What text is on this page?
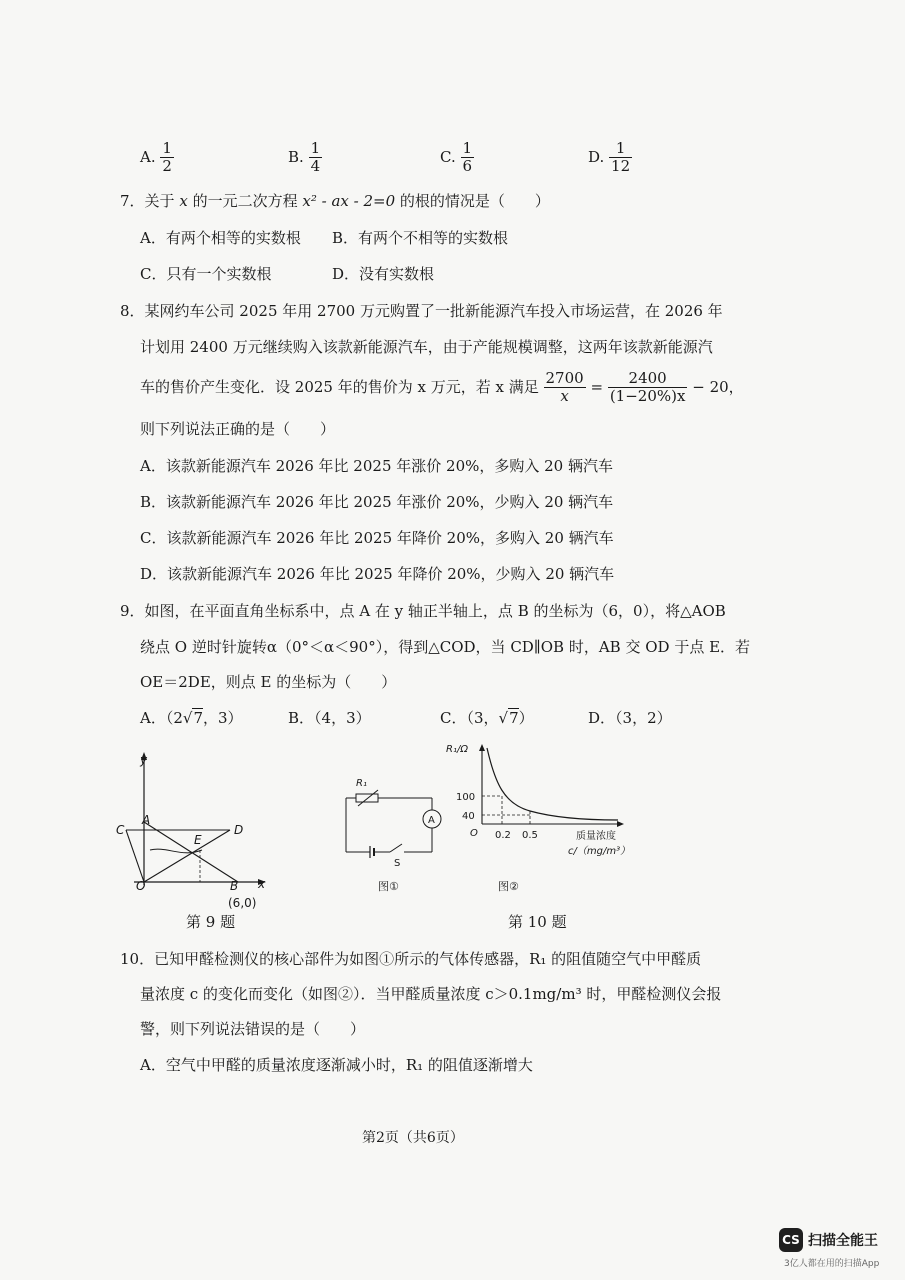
A. $\frac{1}{2}$	B. $\frac{1}{4}$	C. $\frac{1}{6}$	D. $\frac{1}{12}$
7．关于 x 的一元二次方程 x² - ax - 2=0 的根的情况是（　　）
A．有两个相等的实数根 B．有两个不相等的实数根
C．只有一个实数根	D．没有实数根
8．某网约车公司 2025 年用 2700 万元购置了一批新能源汽车投入市场运营，在 2026 年
计划用 2400 万元继续购入该款新能源汽车，由于产能规模调整，这两年该款新能源汽
车的售价产生变化．设 2025 年的售价为 x 万元，若 x 满足 $\frac{2700}{x} = \frac{2400}{(1-20\%)x} - 20$，
则下列说法正确的是（　　）
A．该款新能源汽车 2026 年比 2025 年涨价 20%，多购入 20 辆汽车
B．该款新能源汽车 2026 年比 2025 年涨价 20%，少购入 20 辆汽车
C．该款新能源汽车 2026 年比 2025 年降价 20%，多购入 20 辆汽车
D．该款新能源汽车 2026 年比 2025 年降价 20%，少购入 20 辆汽车
9．如图，在平面直角坐标系中，点 A 在 y 轴正半轴上，点 B 的坐标为（6，0），将△AOB
绕点 O 逆时针旋转α（0°＜α＜90°），得到△COD，当 CD∥OB 时，AB 交 OD 于点 E．若
OE＝2DE，则点 E 的坐标为（　　）
A．（2√7，3）	B．（4，3）	C．（3，√7）	D．（3，2）
y
x
A
C	D
E
O	B
(6,0)
第 9 题
R₁
A
S
图①
R₁/Ω
100
40
O 0.2 0.5	质量浓度
c/（mg/m³）
图②
第 10 题
10．已知甲醛检测仪的核心部件为如图①所示的气体传感器，R₁ 的阻值随空气中甲醛质
量浓度 c 的变化而变化（如图②）．当甲醛质量浓度 c＞0.1mg/m³ 时，甲醛检测仪会报
警，则下列说法错误的是（　　）
A．空气中甲醛的质量浓度逐渐减小时，R₁ 的阻值逐渐增大
第2页（共6页）
CS 扫描全能王
3亿人都在用的扫描App
